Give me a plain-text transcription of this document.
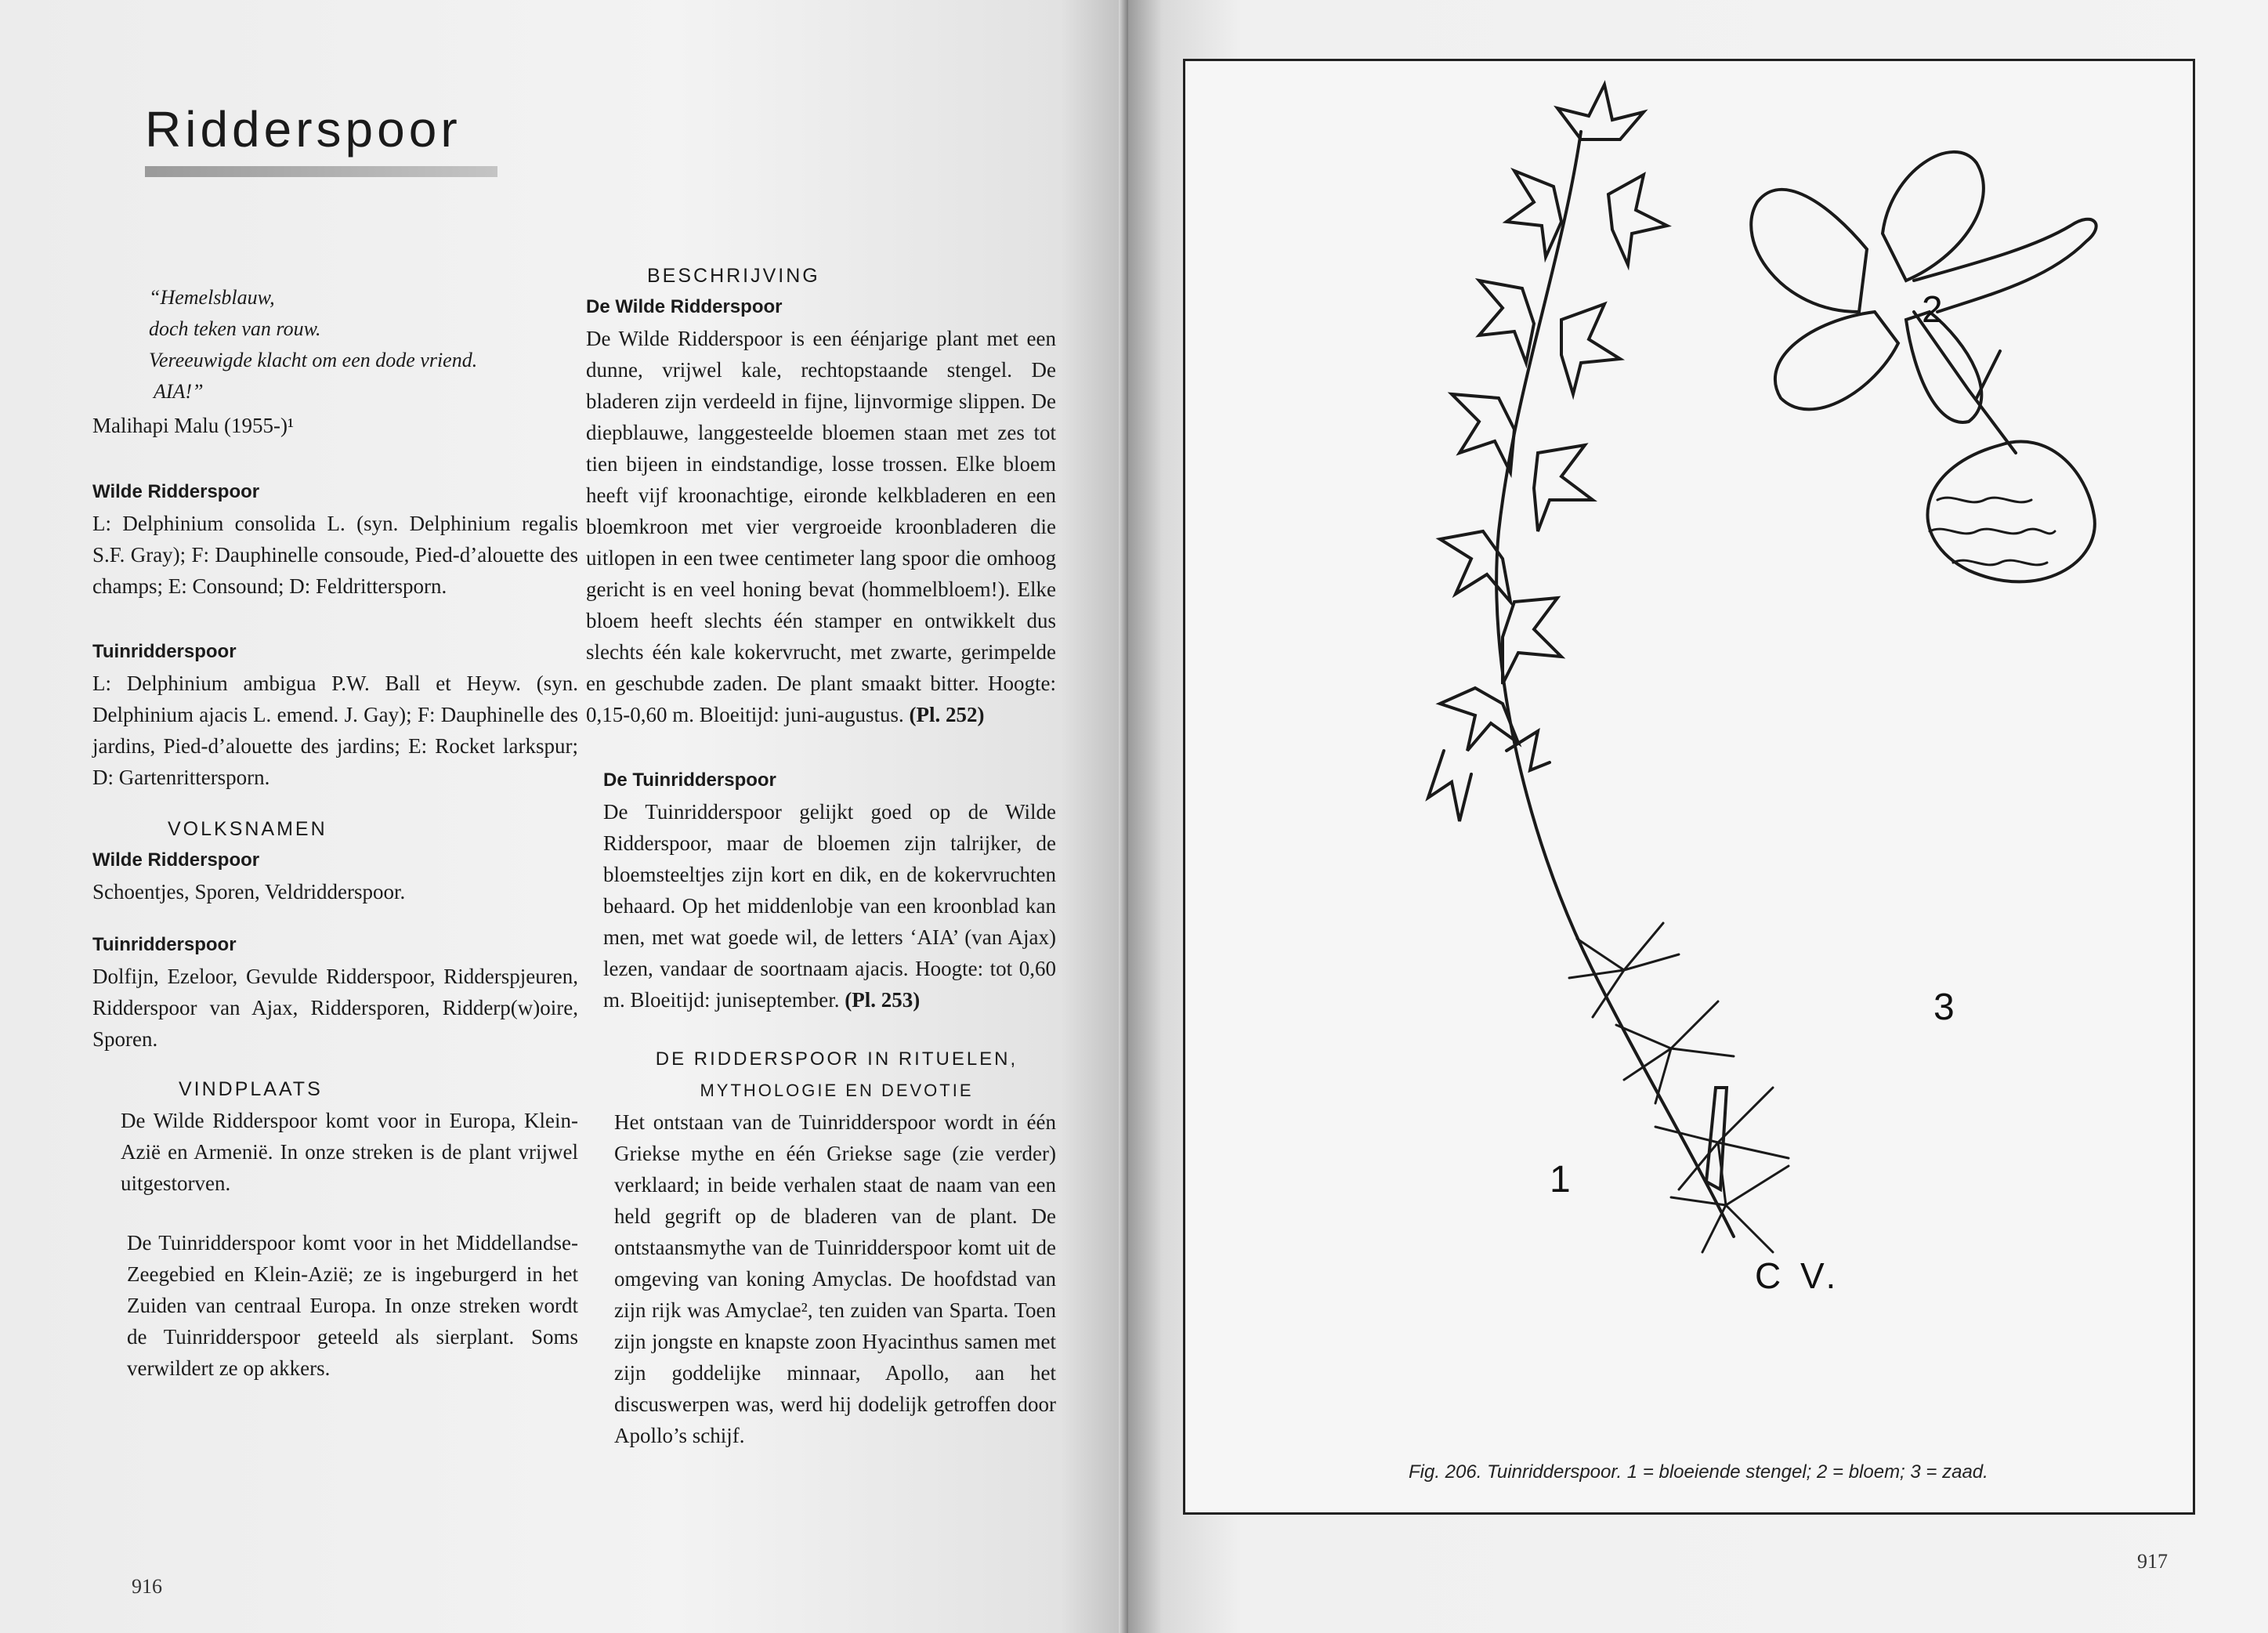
Ridderspoor
“Hemelsblauw,
doch teken van rouw.
Vereeuwigde klacht om een dode vriend.
AIA!”
Malihapi Malu (1955-)¹

Wilde Ridderspoor

L: Delphinium consolida L. (syn. Delphinium regalis S.F. Gray); F: Dauphinelle consoude, Pied-d’alouette des champs; E: Consound; D: Feldrittersporn.

Tuinridderspoor

L: Delphinium ambigua P.W. Ball et Heyw. (syn. Delphinium ajacis L. emend. J. Gay); F: Dauphinelle des jardins, Pied-d’alouette des jardins; E: Rocket larkspur; D: Gartenrittersporn.

VOLKSNAMEN

Wilde Ridderspoor

Schoentjes, Sporen, Veldridderspoor.

Tuinridderspoor

Dolfijn, Ezeloor, Gevulde Ridderspoor, Ridderspjeuren, Ridderspoor van Ajax, Riddersporen, Ridderp(w)oire, Sporen.

VINDPLAATS

De Wilde Ridderspoor komt voor in Europa, Klein-Azië en Armenië. In onze streken is de plant vrijwel uitgestorven.

De Tuinridderspoor komt voor in het Middellandse-Zeegebied en Klein-Azië; ze is ingeburgerd in het Zuiden van centraal Europa. In onze streken wordt de Tuinridderspoor geteeld als sierplant. Soms verwildert ze op akkers.

BESCHRIJVING

De Wilde Ridderspoor

De Wilde Ridderspoor is een éénjarige plant met een dunne, vrijwel kale, rechtopstaande stengel. De bladeren zijn verdeeld in fijne, lijnvormige slippen. De diepblauwe, langgesteelde bloemen staan met zes tot tien bijeen in eindstandige, losse trossen. Elke bloem heeft vijf kroonachtige, eironde kelkbladeren en een bloemkroon met vier vergroeide kroonbladeren die uitlopen in een twee centimeter lang spoor die omhoog gericht is en veel honing bevat (hommelbloem!). Elke bloem heeft slechts één stamper en ontwikkelt dus slechts één kale kokervrucht, met zwarte, gerimpelde en geschubde zaden. De plant smaakt bitter. Hoogte: 0,15-0,60 m. Bloeitijd: juni-augustus. (Pl. 252)

De Tuinridderspoor

De Tuinridderspoor gelijkt goed op de Wilde Ridderspoor, maar de bloemen zijn talrijker, de bloemsteeltjes zijn kort en dik, en de kokervruchten behaard. Op het middenlobje van een kroonblad kan men, met wat goede wil, de letters ‘AIA’ (van Ajax) lezen, vandaar de soortnaam ajacis. Hoogte: tot 0,60 m. Bloeitijd: juniseptember. (Pl. 253)

DE RIDDERSPOOR IN RITUELEN,

MYTHOLOGIE EN DEVOTIE

Het ontstaan van de Tuinridderspoor wordt in één Griekse mythe en één Griekse sage (zie verder) verklaard; in beide verhalen staat de naam van een held gegrift op de bladeren van de plant. De ontstaansmythe van de Tuinridderspoor komt uit de omgeving van koning Amyclas. De hoofdstad van zijn rijk was Amyclae², ten zuiden van Sparta. Toen zijn jongste en knapste zoon Hyacinthus samen met zijn goddelijke minnaar, Apollo, aan het discuswerpen was, werd hij dodelijk getroffen door Apollo’s schijf.

916
917
1
2
3
C V.
Fig. 206. Tuinridderspoor. 1 = bloeiende stengel; 2 = bloem; 3 = zaad.
